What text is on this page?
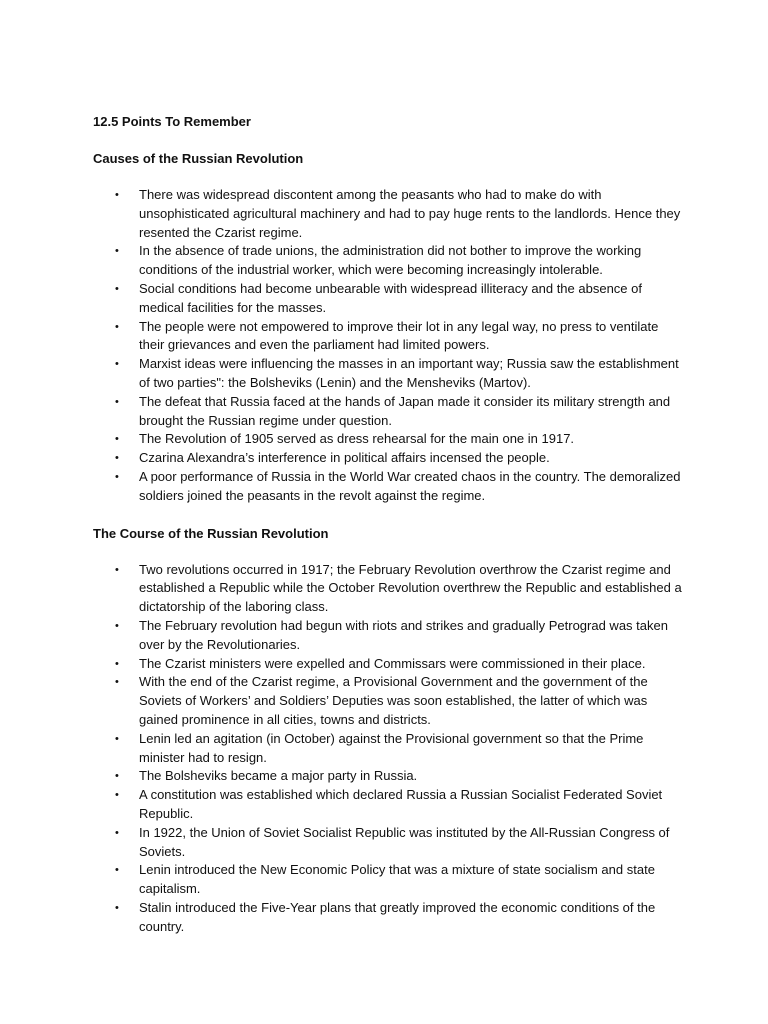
12.5 Points To Remember

Causes of the Russian Revolution

• There was widespread discontent among the peasants who had to make do with unsophisticated agricultural machinery and had to pay huge rents to the landlords. Hence they resented the Czarist regime.
• In the absence of trade unions, the administration did not bother to improve the working conditions of the industrial worker, which were becoming increasingly intolerable.
• Social conditions had become unbearable with widespread illiteracy and the absence of medical facilities for the masses.
• The people were not empowered to improve their lot in any legal way, no press to ventilate their grievances and even the parliament had limited powers.
• Marxist ideas were influencing the masses in an important way; Russia saw the establishment of two parties": the Bolsheviks (Lenin) and the Mensheviks (Martov).
• The defeat that Russia faced at the hands of Japan made it consider its military strength and brought the Russian regime under question.
• The Revolution of 1905 served as dress rehearsal for the main one in 1917.
• Czarina Alexandra’s interference in political affairs incensed the people.
• A poor performance of Russia in the World War created chaos in the country. The demoralized soldiers joined the peasants in the revolt against the regime.

The Course of the Russian Revolution

• Two revolutions occurred in 1917; the February Revolution overthrow the Czarist regime and established a Republic while the October Revolution overthrew the Republic and established a dictatorship of the laboring class.
• The February revolution had begun with riots and strikes and gradually Petrograd was taken over by the Revolutionaries.
• The Czarist ministers were expelled and Commissars were commissioned in their place.
• With the end of the Czarist regime, a Provisional Government and the government of the Soviets of Workers’ and Soldiers’ Deputies was soon established, the latter of which was gained prominence in all cities, towns and districts.
• Lenin led an agitation (in October) against the Provisional government so that the Prime minister had to resign.
• The Bolsheviks became a major party in Russia.
• A constitution was established which declared Russia a Russian Socialist Federated Soviet Republic.
• In 1922, the Union of Soviet Socialist Republic was instituted by the All-Russian Congress of Soviets.
• Lenin introduced the New Economic Policy that was a mixture of state socialism and state capitalism.
• Stalin introduced the Five-Year plans that greatly improved the economic conditions of the country.
